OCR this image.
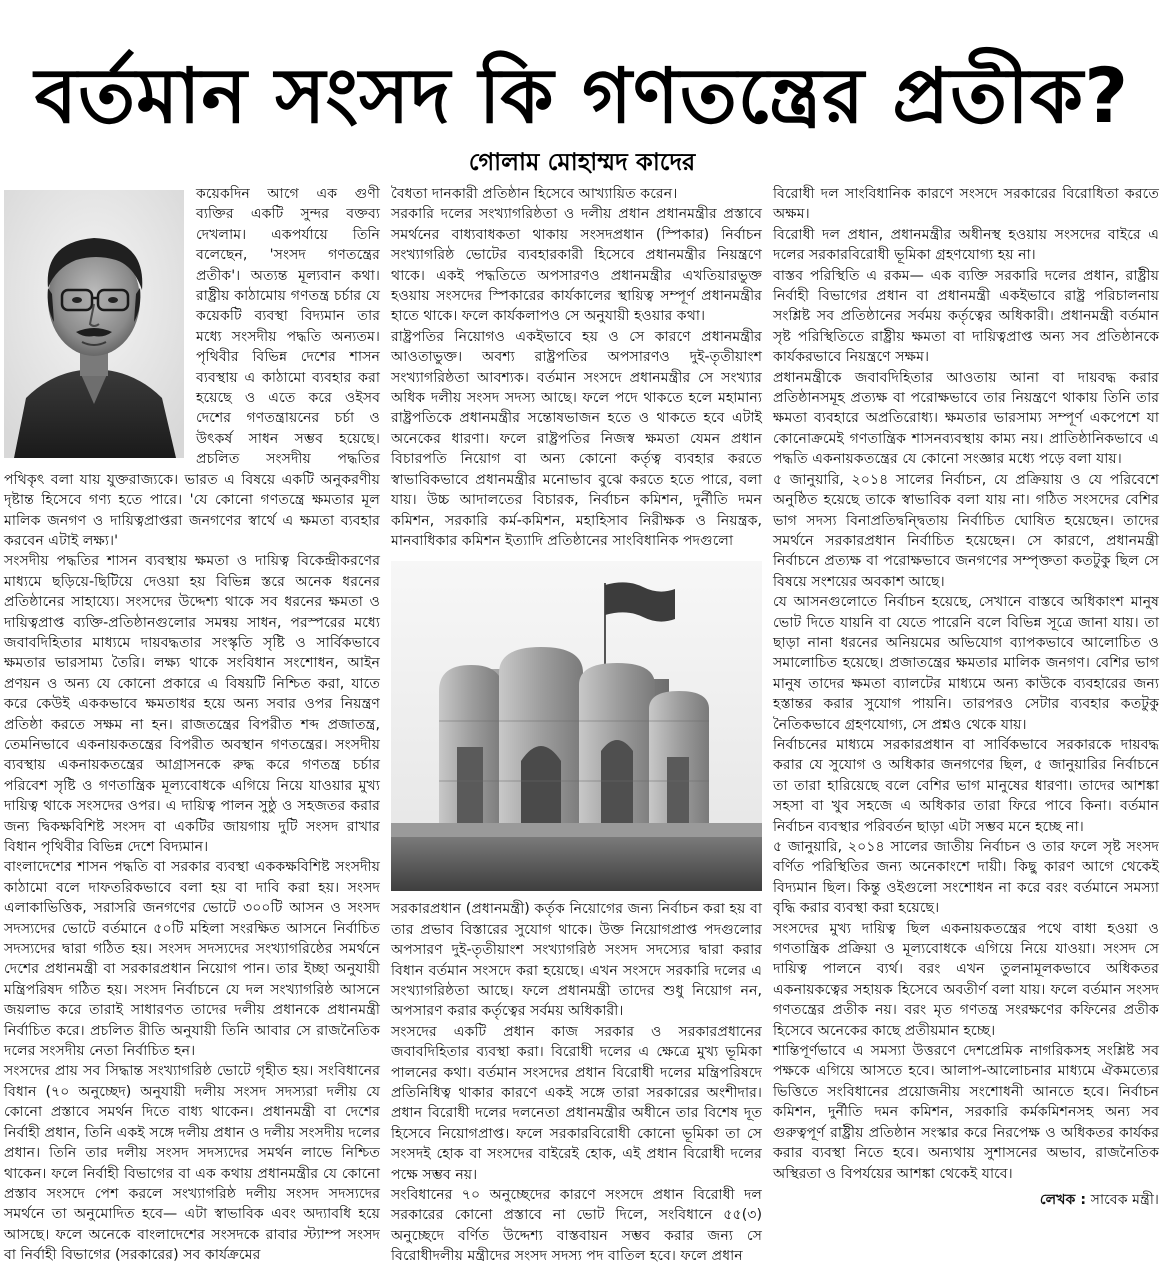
বর্তমান সংসদ কি গণতন্ত্রের প্রতীক?
গোলাম মোহাম্মদ কাদের

কয়েকদিন আগে এক গুণী ব্যক্তির একটি সুন্দর বক্তব্য দেখলাম। একপর্যায়ে তিনি বলেছেন, 'সংসদ গণতন্ত্রের প্রতীক'। অত্যন্ত মূল্যবান কথা। রাষ্ট্রীয় কাঠামোয় গণতন্ত্র চর্চার যে কয়েকটি ব্যবস্থা বিদ্যমান তার মধ্যে সংসদীয় পদ্ধতি অন্যতম। পৃথিবীর বিভিন্ন দেশের শাসন ব্যবস্থায় এ কাঠামো ব্যবহার করা হয়েছে ও এতে করে ওইসব দেশের গণতন্ত্রায়নের চর্চা ও উৎকর্ষ সাধন সম্ভব হয়েছে। প্রচলিত সংসদীয় পদ্ধতির পথিকৃৎ বলা যায় যুক্তরাজ্যকে। ভারত এ বিষয়ে একটি অনুকরণীয় দৃষ্টান্ত হিসেবে গণ্য হতে পারে। 'যে কোনো গণতন্ত্রে ক্ষমতার মূল মালিক জনগণ ও দায়িত্বপ্রাপ্তরা জনগণের স্বার্থে এ ক্ষমতা ব্যবহার করবেন এটাই লক্ষ্য।'

সংসদীয় পদ্ধতির শাসন ব্যবস্থায় ক্ষমতা ও দায়িত্ব বিকেন্দ্রীকরণের মাধ্যমে ছড়িয়ে-ছিটিয়ে দেওয়া হয় বিভিন্ন স্তরে অনেক ধরনের প্রতিষ্ঠানের সাহায্যে। সংসদের উদ্দেশ্য থাকে সব ধরনের ক্ষমতা ও দায়িত্বপ্রাপ্ত ব্যক্তি-প্রতিষ্ঠানগুলোর সমন্বয় সাধন, পরস্পরের মধ্যে জবাবদিহিতার মাধ্যমে দায়বদ্ধতার সংস্কৃতি সৃষ্টি ও সার্বিকভাবে ক্ষমতার ভারসাম্য তৈরি। লক্ষ্য থাকে সংবিধান সংশোধন, আইন প্রণয়ন ও অন্য যে কোনো প্রকারে এ বিষয়টি নিশ্চিত করা, যাতে করে কেউই এককভাবে ক্ষমতাধর হয়ে অন্য সবার ওপর নিয়ন্ত্রণ প্রতিষ্ঠা করতে সক্ষম না হন। রাজতন্ত্রের বিপরীত শব্দ প্রজাতন্ত্র, তেমনিভাবে একনায়কতন্ত্রের বিপরীত অবস্থান গণতন্ত্রের। সংসদীয় ব্যবস্থায় একনায়কতন্ত্রের আগ্রাসনকে রুদ্ধ করে গণতন্ত্র চর্চার পরিবেশ সৃষ্টি ও গণতান্ত্রিক মূল্যবোধকে এগিয়ে নিয়ে যাওয়ার মুখ্য দায়িত্ব থাকে সংসদের ওপর। এ দায়িত্ব পালন সুষ্ঠু ও সহজতর করার জন্য দ্বিকক্ষবিশিষ্ট সংসদ বা একটির জায়গায় দুটি সংসদ রাখার বিধান পৃথিবীর বিভিন্ন দেশে বিদ্যমান।

বাংলাদেশের শাসন পদ্ধতি বা সরকার ব্যবস্থা এককক্ষবিশিষ্ট সংসদীয় কাঠামো বলে দাফতরিকভাবে বলা হয় বা দাবি করা হয়। সংসদ এলাকাভিত্তিক, সরাসরি জনগণের ভোটে ৩০০টি আসন ও সংসদ সদস্যদের ভোটে বর্তমানে ৫০টি মহিলা সংরক্ষিত আসনে নির্বাচিত সদস্যদের দ্বারা গঠিত হয়। সংসদ সদস্যদের সংখ্যাগরিষ্ঠের সমর্থনে দেশের প্রধানমন্ত্রী বা সরকারপ্রধান নিয়োগ পান। তার ইচ্ছা অনুযায়ী মন্ত্রিপরিষদ গঠিত হয়। সংসদ নির্বাচনে যে দল সংখ্যাগরিষ্ঠ আসনে জয়লাভ করে তারাই সাধারণত তাদের দলীয় প্রধানকে প্রধানমন্ত্রী নির্বাচিত করে। প্রচলিত রীতি অনুযায়ী তিনি আবার সে রাজনৈতিক দলের সংসদীয় নেতা নির্বাচিত হন।

সংসদের প্রায় সব সিদ্ধান্ত সংখ্যাগরিষ্ঠ ভোটে গৃহীত হয়। সংবিধানের বিধান (৭০ অনুচ্ছেদ) অনুযায়ী দলীয় সংসদ সদস্যরা দলীয় যে কোনো প্রস্তাবে সমর্থন দিতে বাধ্য থাকেন। প্রধানমন্ত্রী বা দেশের নির্বাহী প্রধান, তিনি একই সঙ্গে দলীয় প্রধান ও দলীয় সংসদীয় দলের প্রধান। তিনি তার দলীয় সংসদ সদস্যদের সমর্থন লাভে নিশ্চিত থাকেন। ফলে নির্বাহী বিভাগের বা এক কথায় প্রধানমন্ত্রীর যে কোনো প্রস্তাব সংসদে পেশ করলে সংখ্যাগরিষ্ঠ দলীয় সংসদ সদস্যদের সমর্থনে তা অনুমোদিত হবে— এটা স্বাভাবিক এবং অদ্যাবধি হয়ে আসছে। ফলে অনেকে বাংলাদেশের সংসদকে রাবার স্ট্যাম্প সংসদ বা নির্বাহী বিভাগের (সরকারের) সব কার্যক্রমের

বৈধতা দানকারী প্রতিষ্ঠান হিসেবে আখ্যায়িত করেন।

সরকারি দলের সংখ্যাগরিষ্ঠতা ও দলীয় প্রধান প্রধানমন্ত্রীর প্রস্তাবে সমর্থনের বাধ্যবাধকতা থাকায় সংসদপ্রধান (স্পিকার) নির্বাচন সংখ্যাগরিষ্ঠ ভোটের ব্যবহারকারী হিসেবে প্রধানমন্ত্রীর নিয়ন্ত্রণে থাকে। একই পদ্ধতিতে অপসারণও প্রধানমন্ত্রীর এখতিয়ারভুক্ত হওয়ায় সংসদের স্পিকারের কার্যকালের স্থায়িত্ব সম্পূর্ণ প্রধানমন্ত্রীর হাতে থাকে। ফলে কার্যকলাপও সে অনুযায়ী হওয়ার কথা।

রাষ্ট্রপতির নিয়োগও একইভাবে হয় ও সে কারণে প্রধানমন্ত্রীর আওতাভুক্ত। অবশ্য রাষ্ট্রপতির অপসারণও দুই-তৃতীয়াংশ সংখ্যাগরিষ্ঠতা আবশ্যক। বর্তমান সংসদে প্রধানমন্ত্রীর সে সংখ্যার অধিক দলীয় সংসদ সদস্য আছে। ফলে পদে থাকতে হলে মহামান্য রাষ্ট্রপতিকে প্রধানমন্ত্রীর সন্তোষভাজন হতে ও থাকতে হবে এটাই অনেকের ধারণা। ফলে রাষ্ট্রপতির নিজস্ব ক্ষমতা যেমন প্রধান বিচারপতি নিয়োগ বা অন্য কোনো কর্তৃত্ব ব্যবহার করতে স্বাভাবিকভাবে প্রধানমন্ত্রীর মনোভাব বুঝে করতে হতে পারে, বলা যায়। উচ্চ আদালতের বিচারক, নির্বাচন কমিশন, দুর্নীতি দমন কমিশন, সরকারি কর্ম-কমিশন, মহাহিসাব নিরীক্ষক ও নিয়ন্ত্রক, মানবাধিকার কমিশন ইত্যাদি প্রতিষ্ঠানের সাংবিধানিক পদগুলো

সরকারপ্রধান (প্রধানমন্ত্রী) কর্তৃক নিয়োগের জন্য নির্বাচন করা হয় বা তার প্রভাব বিস্তারের সুযোগ থাকে। উক্ত নিয়োগপ্রাপ্ত পদগুলোর অপসারণ দুই-তৃতীয়াংশ সংখ্যাগরিষ্ঠ সংসদ সদস্যের দ্বারা করার বিধান বর্তমান সংসদে করা হয়েছে। এখন সংসদে সরকারি দলের এ সংখ্যাগরিষ্ঠতা আছে। ফলে প্রধানমন্ত্রী তাদের শুধু নিয়োগ নন, অপসারণ করার কর্তৃত্বের সর্বময় অধিকারী।

সংসদের একটি প্রধান কাজ সরকার ও সরকারপ্রধানের জবাবদিহিতার ব্যবস্থা করা। বিরোধী দলের এ ক্ষেত্রে মুখ্য ভূমিকা পালনের কথা। বর্তমান সংসদের প্রধান বিরোধী দলের মন্ত্রিপরিষদে প্রতিনিধিত্ব থাকার কারণে একই সঙ্গে তারা সরকারের অংশীদার। প্রধান বিরোধী দলের দলনেতা প্রধানমন্ত্রীর অধীনে তার বিশেষ দূত হিসেবে নিয়োগপ্রাপ্ত। ফলে সরকারবিরোধী কোনো ভূমিকা তা সে সংসদই হোক বা সংসদের বাইরেই হোক, এই প্রধান বিরোধী দলের পক্ষে সম্ভব নয়।

সংবিধানের ৭০ অনুচ্ছেদের কারণে সংসদে প্রধান বিরোধী দল সরকারের কোনো প্রস্তাবে না ভোট দিলে, সংবিধানে ৫৫(৩) অনুচ্ছেদে বর্ণিত উদ্দেশ্য বাস্তবায়ন সম্ভব করার জন্য সে বিরোধীদলীয় মন্ত্রীদের সংসদ সদস্য পদ বাতিল হবে। ফলে প্রধান

বিরোধী দল সাংবিধানিক কারণে সংসদে সরকারের বিরোধিতা করতে অক্ষম।

বিরোধী দল প্রধান, প্রধানমন্ত্রীর অধীনস্থ হওয়ায় সংসদের বাইরে এ দলের সরকারবিরোধী ভূমিকা গ্রহণযোগ্য হয় না।

বাস্তব পরিস্থিতি এ রকম— এক ব্যক্তি সরকারি দলের প্রধান, রাষ্ট্রীয় নির্বাহী বিভাগের প্রধান বা প্রধানমন্ত্রী একইভাবে রাষ্ট্র পরিচালনায় সংশ্লিষ্ট সব প্রতিষ্ঠানের সর্বময় কর্তৃত্বের অধিকারী। প্রধানমন্ত্রী বর্তমান সৃষ্ট পরিস্থিতিতে রাষ্ট্রীয় ক্ষমতা বা দায়িত্বপ্রাপ্ত অন্য সব প্রতিষ্ঠানকে কার্যকরভাবে নিয়ন্ত্রণে সক্ষম।

প্রধানমন্ত্রীকে জবাবদিহিতার আওতায় আনা বা দায়বদ্ধ করার প্রতিষ্ঠানসমূহ প্রত্যক্ষ বা পরোক্ষভাবে তার নিয়ন্ত্রণে থাকায় তিনি তার ক্ষমতা ব্যবহারে অপ্রতিরোধ্য। ক্ষমতার ভারসাম্য সম্পূর্ণ একপেশে যা কোনোক্রমেই গণতান্ত্রিক শাসনব্যবস্থায় কাম্য নয়। প্রাতিষ্ঠানিকভাবে এ পদ্ধতি একনায়কতন্ত্রের যে কোনো সংজ্ঞার মধ্যে পড়ে বলা যায়।

৫ জানুয়ারি, ২০১৪ সালের নির্বাচন, যে প্রক্রিয়ায় ও যে পরিবেশে অনুষ্ঠিত হয়েছে তাকে স্বাভাবিক বলা যায় না। গঠিত সংসদের বেশির ভাগ সদস্য বিনাপ্রতিদ্বন্দ্বিতায় নির্বাচিত ঘোষিত হয়েছেন। তাদের সমর্থনে সরকারপ্রধান নির্বাচিত হয়েছেন। সে কারণে, প্রধানমন্ত্রী নির্বাচনে প্রত্যক্ষ বা পরোক্ষভাবে জনগণের সম্পৃক্ততা কতটুকু ছিল সে বিষয়ে সংশয়ের অবকাশ আছে।

যে আসনগুলোতে নির্বাচন হয়েছে, সেখানে বাস্তবে অধিকাংশ মানুষ ভোট দিতে যায়নি বা যেতে পারেনি বলে বিভিন্ন সূত্রে জানা যায়। তা ছাড়া নানা ধরনের অনিয়মের অভিযোগ ব্যাপকভাবে আলোচিত ও সমালোচিত হয়েছে। প্রজাতন্ত্রের ক্ষমতার মালিক জনগণ। বেশির ভাগ মানুষ তাদের ক্ষমতা ব্যালটের মাধ্যমে অন্য কাউকে ব্যবহারের জন্য হস্তান্তর করার সুযোগ পায়নি। তারপরও সেটার ব্যবহার কতটুকু নৈতিকভাবে গ্রহণযোগ্য, সে প্রশ্নও থেকে যায়।

নির্বাচনের মাধ্যমে সরকারপ্রধান বা সার্বিকভাবে সরকারকে দায়বদ্ধ করার যে সুযোগ ও অধিকার জনগণের ছিল, ৫ জানুয়ারির নির্বাচনে তা তারা হারিয়েছে বলে বেশির ভাগ মানুষের ধারণা। তাদের আশঙ্কা সহসা বা খুব সহজে এ অধিকার তারা ফিরে পাবে কিনা। বর্তমান নির্বাচন ব্যবস্থার পরিবর্তন ছাড়া এটা সম্ভব মনে হচ্ছে না।

৫ জানুয়ারি, ২০১৪ সালের জাতীয় নির্বাচন ও তার ফলে সৃষ্ট সংসদ বর্ণিত পরিস্থিতির জন্য অনেকাংশে দায়ী। কিছু কারণ আগে থেকেই বিদ্যমান ছিল। কিন্তু ওইগুলো সংশোধন না করে বরং বর্তমানে সমস্যা বৃদ্ধি করার ব্যবস্থা করা হয়েছে।

সংসদের মুখ্য দায়িত্ব ছিল একনায়কতন্ত্রের পথে বাধা হওয়া ও গণতান্ত্রিক প্রক্রিয়া ও মূল্যবোধকে এগিয়ে নিয়ে যাওয়া। সংসদ সে দায়িত্ব পালনে ব্যর্থ। বরং এখন তুলনামূলকভাবে অধিকতর একনায়কত্বের সহায়ক হিসেবে অবতীর্ণ বলা যায়। ফলে বর্তমান সংসদ গণতন্ত্রের প্রতীক নয়। বরং মৃত গণতন্ত্র সংরক্ষণের কফিনের প্রতীক হিসেবে অনেকের কাছে প্রতীয়মান হচ্ছে।

শান্তিপূর্ণভাবে এ সমস্যা উত্তরণে দেশপ্রেমিক নাগরিকসহ সংশ্লিষ্ট সব পক্ষকে এগিয়ে আসতে হবে। আলাপ-আলোচনার মাধ্যমে ঐকমত্যের ভিত্তিতে সংবিধানের প্রয়োজনীয় সংশোধনী আনতে হবে। নির্বাচন কমিশন, দুর্নীতি দমন কমিশন, সরকারি কর্মকমিশনসহ অন্য সব গুরুত্বপূর্ণ রাষ্ট্রীয় প্রতিষ্ঠান সংস্কার করে নিরপেক্ষ ও অধিকতর কার্যকর করার ব্যবস্থা নিতে হবে। অন্যথায় সুশাসনের অভাব, রাজনৈতিক অস্থিরতা ও বিপর্যয়ের আশঙ্কা থেকেই যাবে।

লেখক : সাবেক মন্ত্রী।
